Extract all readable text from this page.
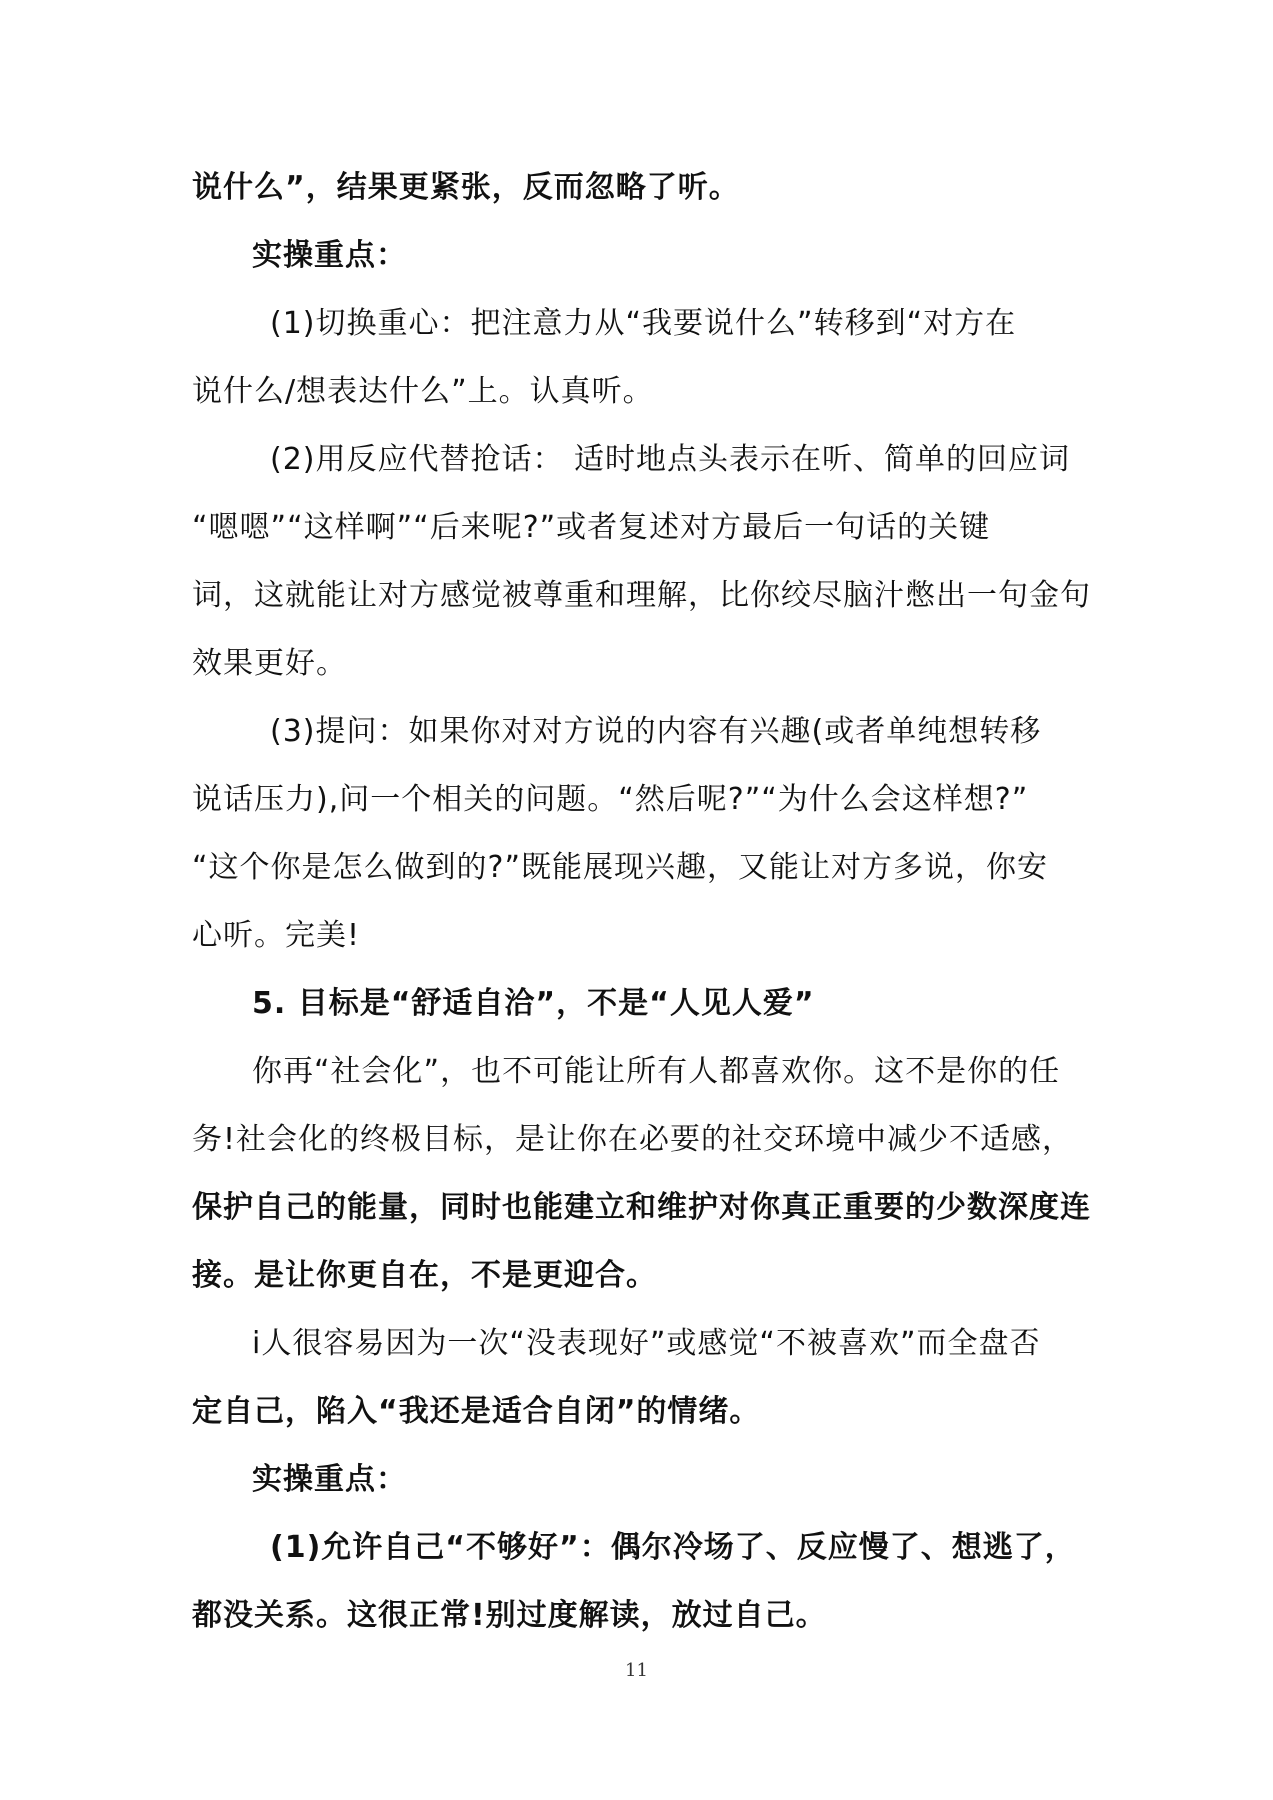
说什么”，结果更紧张，反而忽略了听。
实操重点：
(1)切换重心：把注意力从“我要说什么”转移到“对方在
说什么/想表达什么”上。认真听。
(2)用反应代替抢话： 适时地点头表示在听、简单的回应词
“嗯嗯”“这样啊”“后来呢?”或者复述对方最后一句话的关键
词，这就能让对方感觉被尊重和理解，比你绞尽脑汁憋出一句金句
效果更好。
(3)提问：如果你对对方说的内容有兴趣(或者单纯想转移
说话压力),问一个相关的问题。“然后呢?”“为什么会这样想?”
“这个你是怎么做到的?”既能展现兴趣，又能让对方多说，你安
心听。完美!
5. 目标是“舒适自洽”，不是“人见人爱”
你再“社会化”，也不可能让所有人都喜欢你。这不是你的任
务!社会化的终极目标，是让你在必要的社交环境中减少不适感，
保护自己的能量，同时也能建立和维护对你真正重要的少数深度连
接。是让你更自在，不是更迎合。
i人很容易因为一次“没表现好”或感觉“不被喜欢”而全盘否
定自己，陷入“我还是适合自闭”的情绪。
实操重点：
(1)允许自己“不够好”：偶尔冷场了、反应慢了、想逃了，
都没关系。这很正常!别过度解读，放过自己。
11
